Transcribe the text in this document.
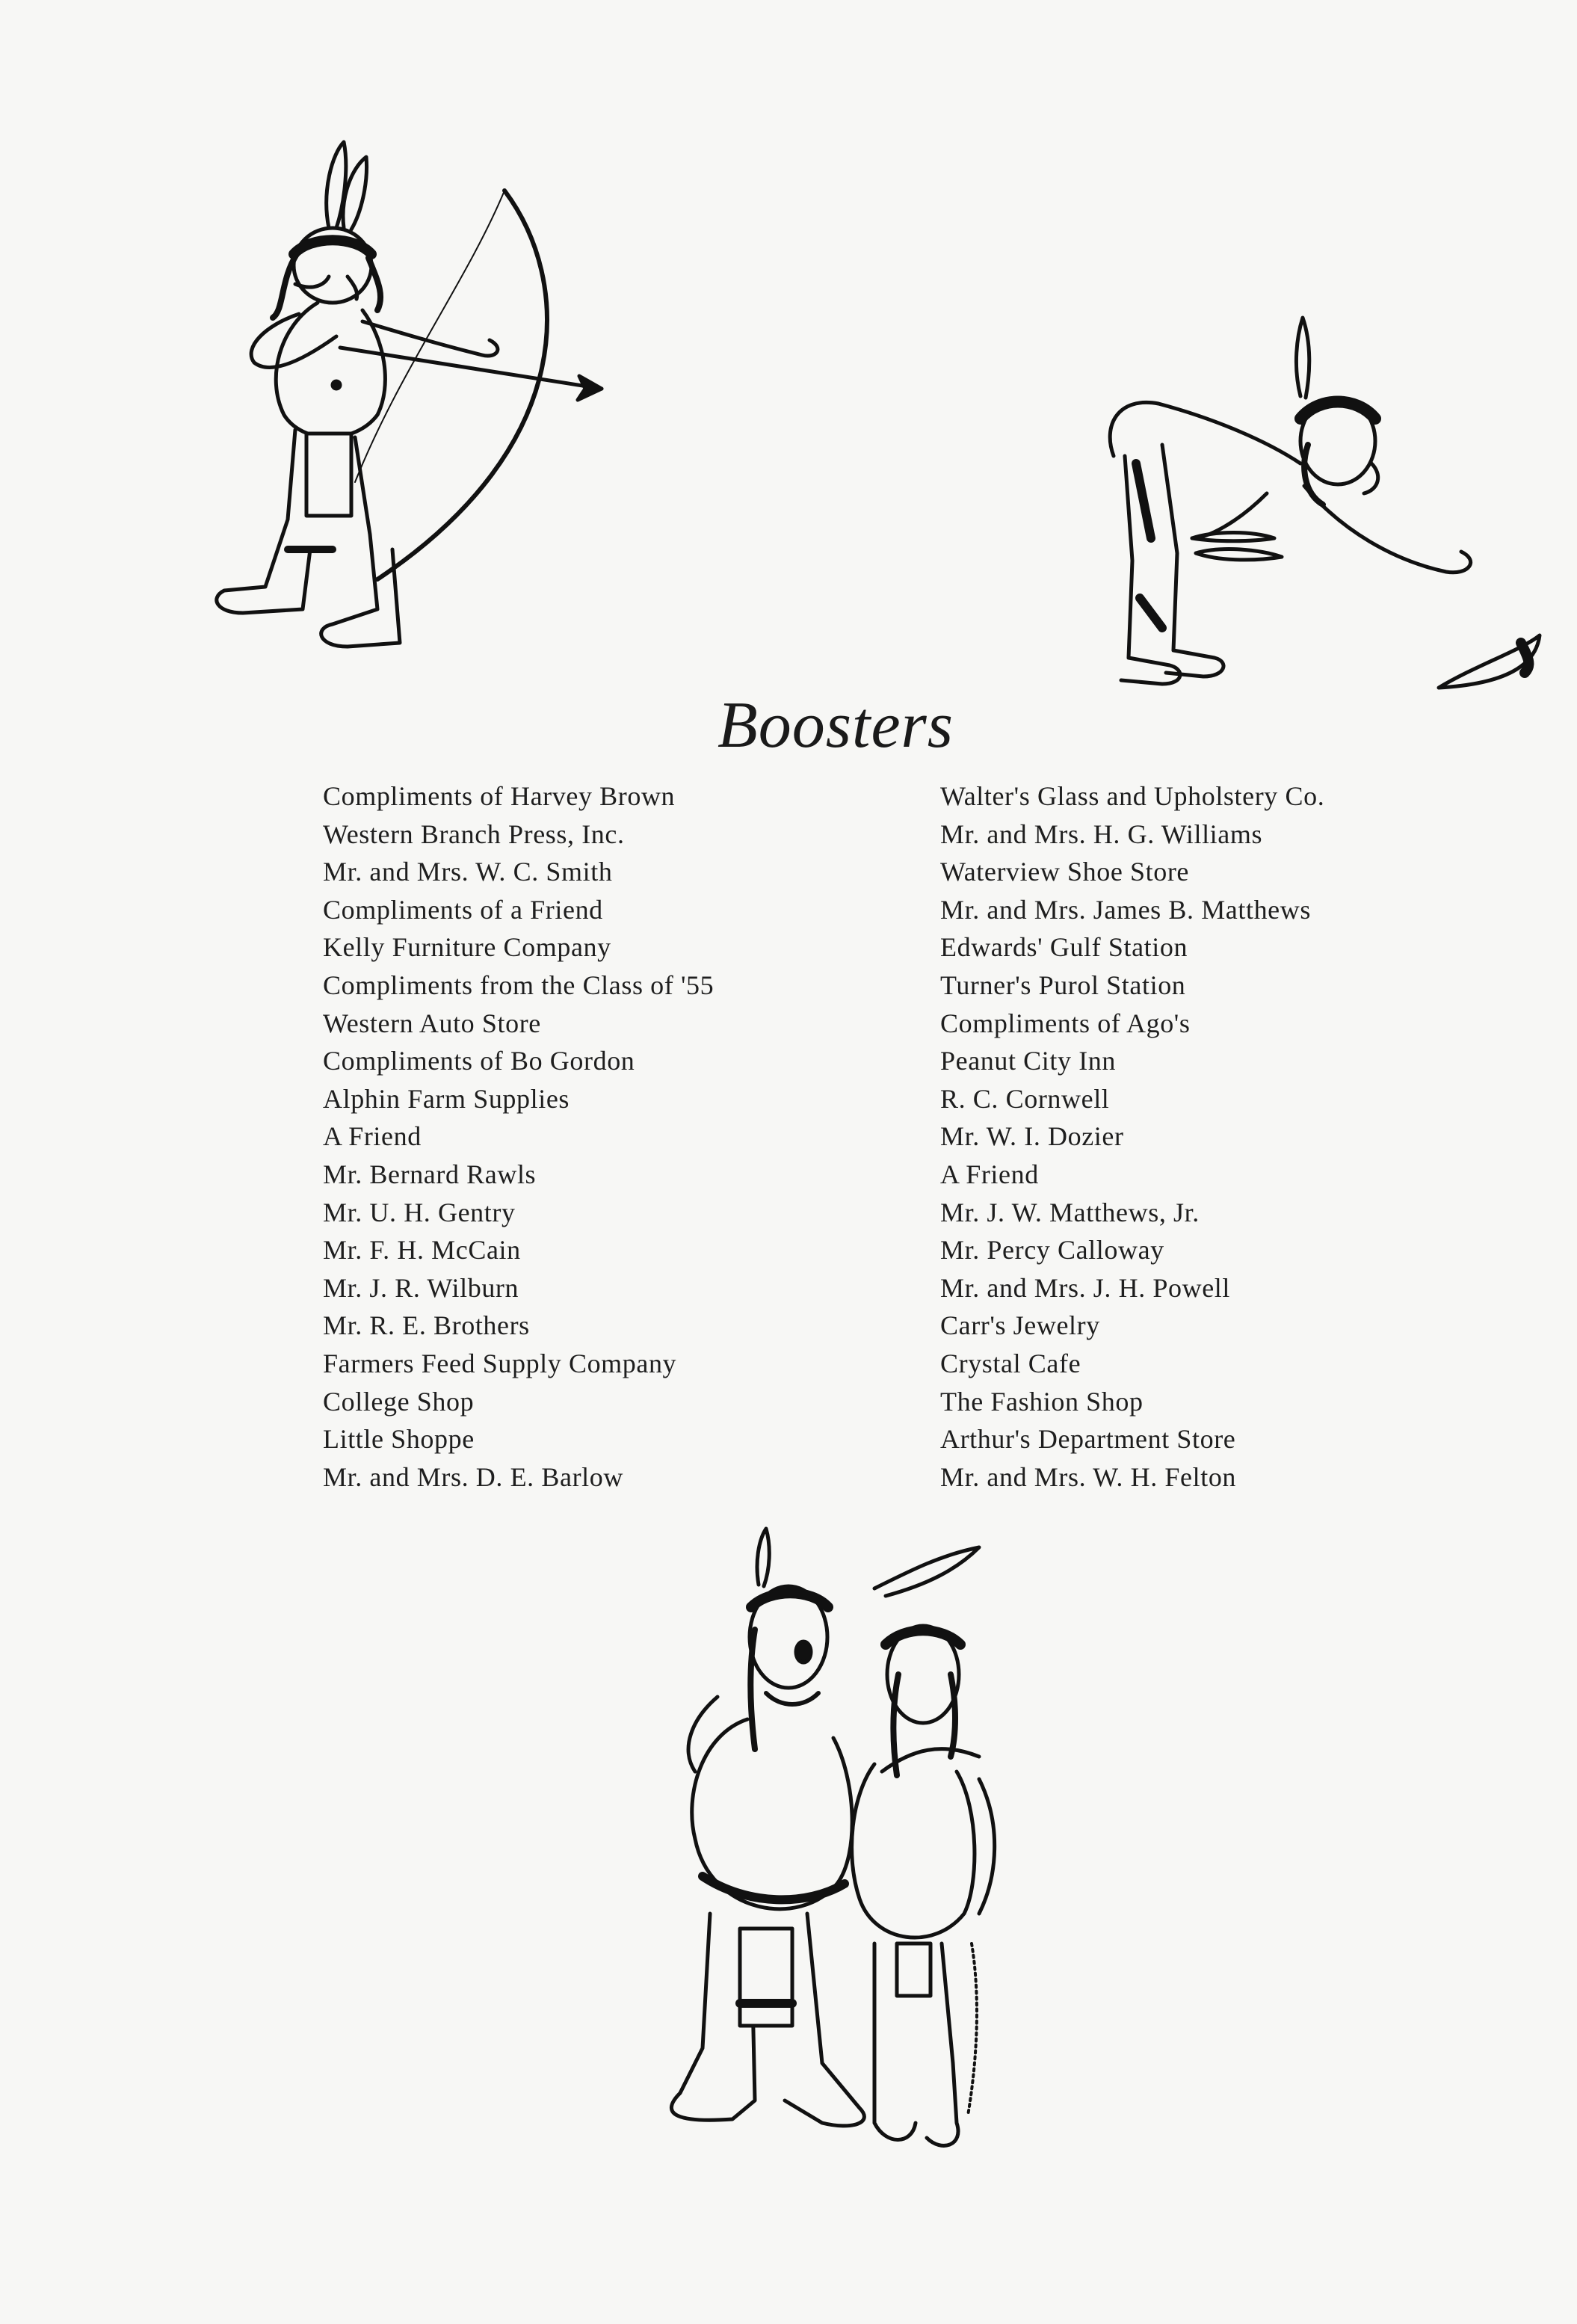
Boosters
Compliments of Harvey Brown
Western Branch Press, Inc.
Mr. and Mrs. W. C. Smith
Compliments of a Friend
Kelly Furniture Company
Compliments from the Class of '55
Western Auto Store
Compliments of Bo Gordon
Alphin Farm Supplies
A Friend
Mr. Bernard Rawls
Mr. U. H. Gentry
Mr. F. H. McCain
Mr. J. R. Wilburn
Mr. R. E. Brothers
Farmers Feed Supply Company
College Shop
Little Shoppe
Mr. and Mrs. D. E. Barlow
Walter's Glass and Upholstery Co.
Mr. and Mrs. H. G. Williams
Waterview Shoe Store
Mr. and Mrs. James B. Matthews
Edwards' Gulf Station
Turner's Purol Station
Compliments of Ago's
Peanut City Inn
R. C. Cornwell
Mr. W. I. Dozier
A Friend
Mr. J. W. Matthews, Jr.
Mr. Percy Calloway
Mr. and Mrs. J. H. Powell
Carr's Jewelry
Crystal Cafe
The Fashion Shop
Arthur's Department Store
Mr. and Mrs. W. H. Felton
